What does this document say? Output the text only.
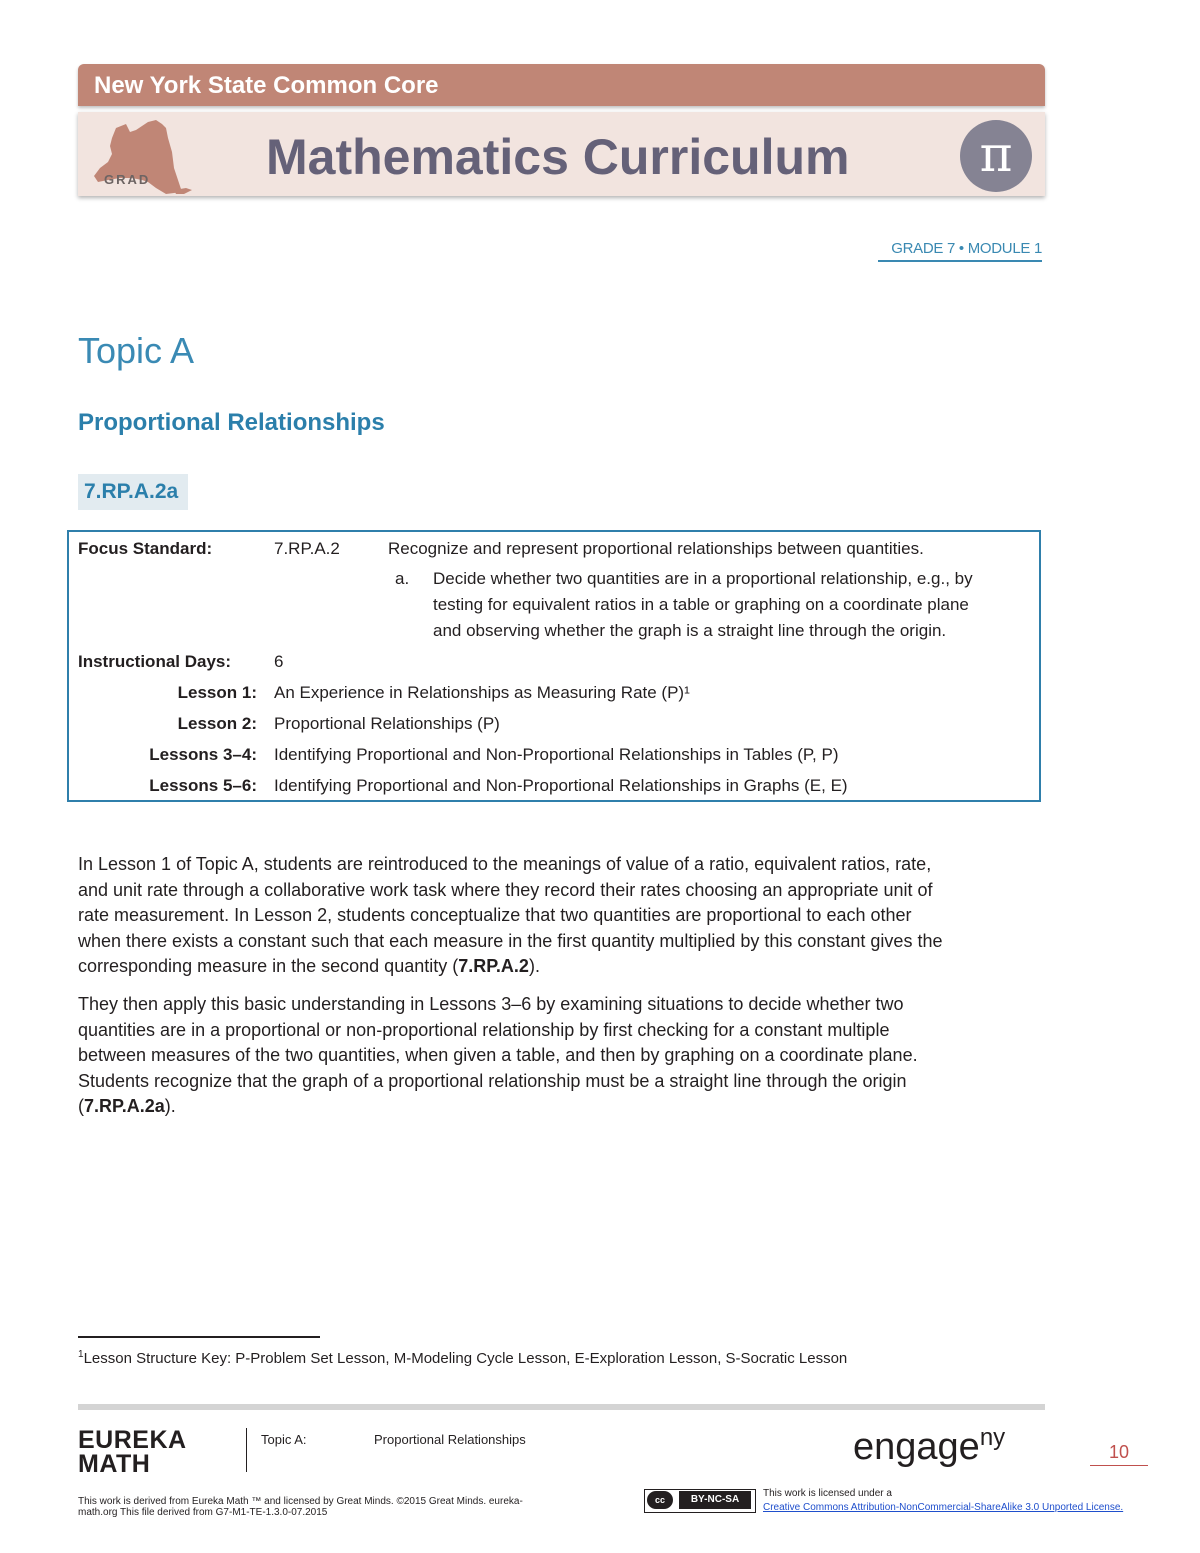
New York State Common Core
GRAD Mathematics Curriculum	π
GRADE 7 • MODULE 1
Topic A
Proportional Relationships
7.RP.A.2a
Focus Standard:	7.RP.A.2	Recognize and represent proportional relationships between quantities.
a. Decide whether two quantities are in a proportional relationship, e.g., by
testing for equivalent ratios in a table or graphing on a coordinate plane
and observing whether the graph is a straight line through the origin.
Instructional Days:	6
Lesson 1: An Experience in Relationships as Measuring Rate (P)¹
Lesson 2: Proportional Relationships (P)
Lessons 3–4: Identifying Proportional and Non-Proportional Relationships in Tables (P, P)
Lessons 5–6: Identifying Proportional and Non-Proportional Relationships in Graphs (E, E)
In Lesson 1 of Topic A, students are reintroduced to the meanings of value of a ratio, equivalent ratios, rate,
and unit rate through a collaborative work task where they record their rates choosing an appropriate unit of
rate measurement. In Lesson 2, students conceptualize that two quantities are proportional to each other
when there exists a constant such that each measure in the first quantity multiplied by this constant gives the
corresponding measure in the second quantity (7.RP.A.2).
They then apply this basic understanding in Lessons 3–6 by examining situations to decide whether two
quantities are in a proportional or non-proportional relationship by first checking for a constant multiple
between measures of the two quantities, when given a table, and then by graphing on a coordinate plane.
Students recognize that the graph of a proportional relationship must be a straight line through the origin
(7.RP.A.2a).
$^1$Lesson Structure Key: P-Problem Set Lesson, M-Modeling Cycle Lesson, E-Exploration Lesson, S-Socratic Lesson
EUREKA
MATH
Topic A:	Proportional Relationships	engage$^{ny}$
10
This work is derived from Eureka Math ™ and licensed by Great Minds. ©2015 Great Minds. eureka-
math.org This file derived from G7-M1-TE-1.3.0-07.2015
cc	BY-NC-SA
This work is licensed under a
Creative Commons Attribution-NonCommercial-ShareAlike 3.0 Unported License.
